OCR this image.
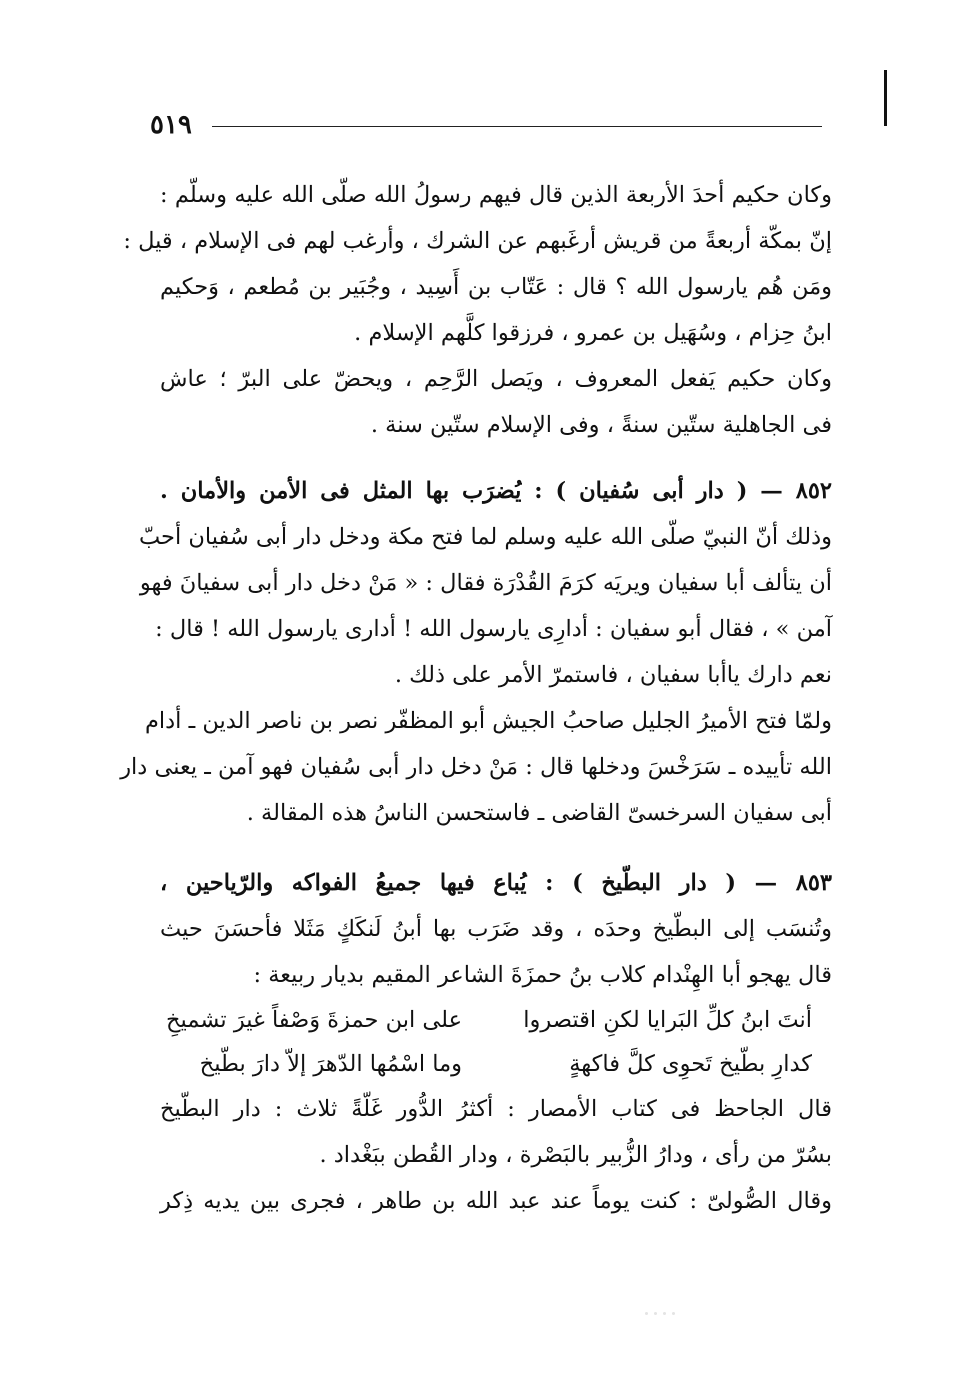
٥١٩
وكان حكيم أحدَ الأربعة الذين قال فيهم رسولُ الله صلّى الله عليه وسلّم :
إنّ بمكّة أربعةً من قريش أرغَبهم عن الشرك ، وأرغب لهم فى الإسلام ، قيل :
ومَن هُم يارسول الله ؟ قال : عَتّاب بن أَسِيد ، وجُبَير بن مُطعم ، وَحكيم
ابنُ حِزام ، وسُهَيل بن عمرو ، فرزقوا كلَّهم الإسلام .
وكان حكيم يَفعل المعروف ، ويَصل الرَّحِم ، ويحضّ على البرّ ؛ عاش
فى الجاهلية ستّين سنةً ، وفى الإسلام ستّين سنة .
٨٥٢ — ( دار أبى سُفيان ) : يُضرَب بها المثل فى الأمن والأمان .
وذلك أنّ النبيّ صلّى الله عليه وسلم لما فتح مكة ودخل دار أبى سُفيان أحبّ
أن يتألف أبا سفيان ويريَه كرَمَ القُدْرَة فقال : « مَنْ دخل دار أبى سفيانَ فهو
آمن » ، فقال أبو سفيان : أدارِى يارسول الله ! أدارى يارسول الله ! قال :
نعم دارك ياأبا سفيان ، فاستمرّ الأمر على ذلك .
ولمّا فتح الأميرُ الجليل صاحبُ الجيش أبو المظفّر نصر بن ناصر الدين ـ أدام
الله تأييده ـ سَرَخْسَ ودخلها قال : مَنْ دخل دار أبى سُفيان فهو آمن ـ يعنى دار
أبى سفيان السرخسىّ القاضى ـ فاستحسن الناسُ هذه المقالة .
٨٥٣ — ( دار البطّيخ ) : يُباع فيها جميعُ الفواكه والرّياحين ،
وتُنسَب إلى البطّيخ وحدَه ، وقد ضَرَب بها أبنُ لَنكَكٍ مَثَلا فأحسَنَ حيث
قال يهجو أبا الهِنْدام كلاب بنُ حمزَةَ الشاعر المقيم بديار ربيعة :
أنتَ ابنُ كلِّ البَرايا لكنِ اقتصروا
على ابن حمزةَ وَصْفاً غيرَ تشميخِ
كدارِ بطّيخ تَحوِى كلَّ فاكهةٍ
وما اسْمُها الدّهرَ إلاّ دارَ بطّيخ
قال الجاحظ فى كتاب الأمصار : أكثرُ الدُّور غَلّةً ثلاث : دار البطّيخ
بسُرّ من رأى ، ودارُ الزُّبير بالبَصْرة ، ودار القُطن ببَغْداد .
وقال الصُّولىّ : كنت يوماً عند عبد الله بن طاهر ، فجرى بين يديه ذِكر
